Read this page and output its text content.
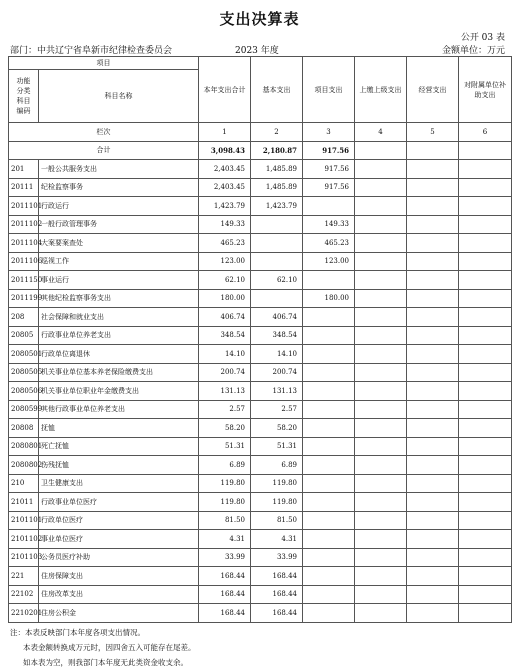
支出决算表
公开 03 表
部门：中共辽宁省阜新市纪律检查委员会	2023 年度	金额单位：万元
项目		本年支出合计	基本支出	项目支出	上缴上级支出	经营支出	对附属单位补助支出
功能分类科目编码	科目名称						
栏次		1	2	3	4	5	6
合计		3,098.43	2,180.87	917.56			
201	一般公共服务支出	2,403.45	1,485.89	917.56			
20111	纪检监察事务	2,403.45	1,485.89	917.56			
2011101	行政运行	1,423.79	1,423.79				
2011102	一般行政管理事务	149.33		149.33			
2011104	大案要案查处	465.23		465.23			
2011106	巡视工作	123.00		123.00			
2011150	事业运行	62.10	62.10				
2011199	其他纪检监察事务支出	180.00		180.00			
208	社会保障和就业支出	406.74	406.74				
20805	行政事业单位养老支出	348.54	348.54				
2080501	行政单位离退休	14.10	14.10				
2080505	机关事业单位基本养老保险缴费支出	200.74	200.74				
2080506	机关事业单位职业年金缴费支出	131.13	131.13				
2080599	其他行政事业单位养老支出	2.57	2.57				
20808	抚恤	58.20	58.20				
2080801	死亡抚恤	51.31	51.31				
2080802	伤残抚恤	6.89	6.89				
210	卫生健康支出	119.80	119.80				
21011	行政事业单位医疗	119.80	119.80				
2101101	行政单位医疗	81.50	81.50				
2101102	事业单位医疗	4.31	4.31				
2101103	公务员医疗补助	33.99	33.99				
221	住房保障支出	168.44	168.44				
22102	住房改革支出	168.44	168.44				
2210201	住房公积金	168.44	168.44				
注：本表反映部门本年度各项支出情况。
本表金额转换成万元时，因四舍五入可能存在尾差。
如本表为空，则我部门本年度无此类资金收支余。
